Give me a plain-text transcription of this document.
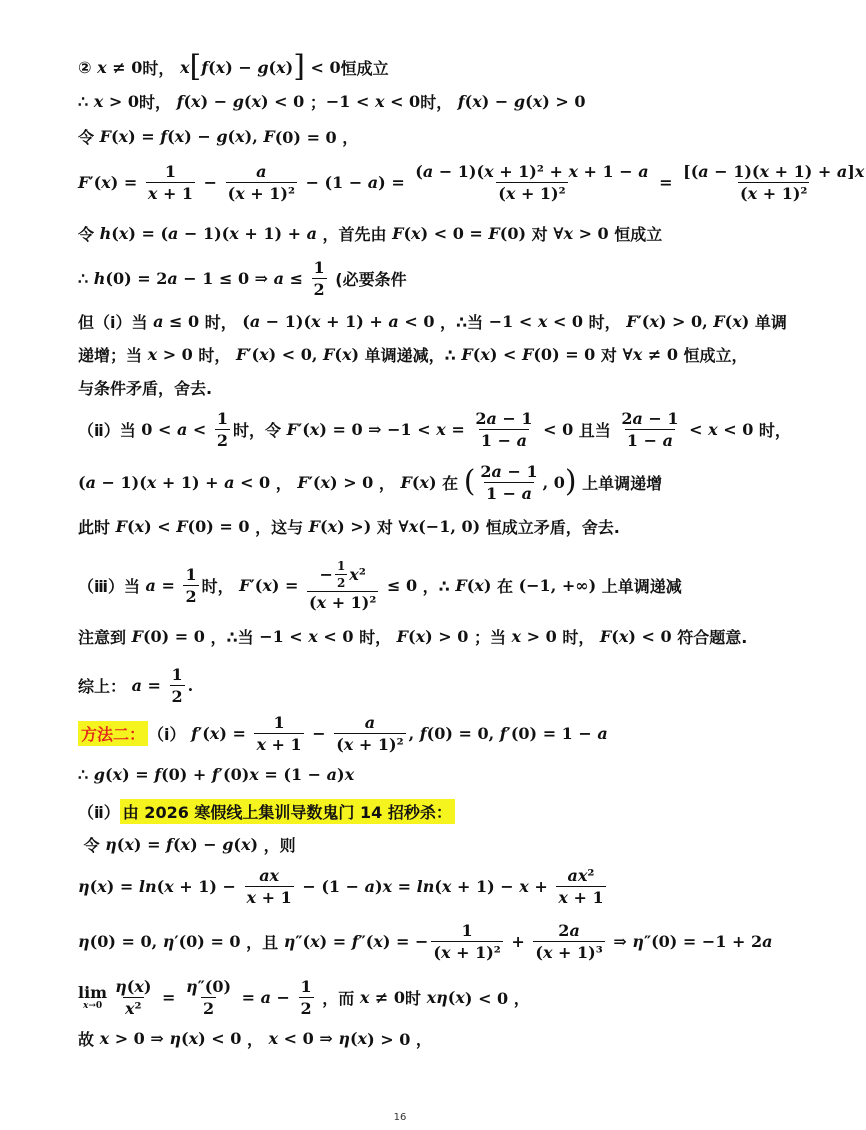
② x ≠ 0 时， x [ f ( x ) − g ( x ) ] < 0 恒成立
∴ x > 0 时， f ( x ) − g ( x ) < 0 ； −1 < x < 0 时， f ( x ) − g ( x ) > 0
令 F ( x ) = f ( x ) − g ( x ), F (0) = 0 ，
F ′( x ) = $\frac{1}{x + 1} - \frac{a}{\text{(x + 1)²}} - (1 - a$ ) = $\frac{\text{(a − 1)(x + 1)² + x + 1 − a}}{\text{(x + 1)²}} = \frac{[(a - 1)(x + 1) + a]x}{\text{(x + 1)²}}$
令 h ( x ) = ( a − 1)( x + 1) + a ，首先由 F ( x ) < 0 = F (0) 对 ∀ x > 0 恒成立
∴ h (0) = 2 a − 1 ≤ 0 ⇒ $a \le \frac{1}{2}$ (必要条件
但（ⅰ）当 a ≤ 0 时， ( a − 1)( x + 1) + a < 0 ，∴当 −1 < x < 0 时， F ′( x ) > 0, F ( x ) 单调
递增；当 x > 0 时， F ′( x ) < 0, F ( x ) 单调递减，∴ F ( x ) < F (0) = 0 对 ∀ x ≠ 0 恒成立，
与条件矛盾，舍去.
（ⅱ）当 0 < a <
1
2
时，令 F ′( x ) = 0 ⇒ $-1 < x = \frac{2a - 1}{1 - a} < 0$ 且当
2a − 1
1 − a
< x < 0 时，
( a − 1)( x + 1) + a < 0 ， F ′( x ) > 0 ， F ( x ) 在 ( 2a − 1
1 − a
, 0 ) 上单调递增
此时 F ( x ) < F (0) = 0 ，这与 F ( x ) >) 对 ∀ x (−1, 0) 恒成立矛盾，舍去.
（ⅲ）当 $a = \frac{1}{2}$ 时， F ′( x ) = − 1
2 x ²
(x + 1)² ≤ 0 ，∴ F ( x ) 在 (−1, +∞) 上单调递减
注意到 F (0) = 0 ，∴当 −1 < x < 0 时， F ( x ) > 0 ；当 x > 0 时， F ( x ) < 0 符合题意.
综上： $a = \frac{1}{2}$ .
方法二： （ⅰ） f ′( x ) = $\frac{1}{x + 1} - \frac{a}{\text{(x + 1)²}}$ , f (0) = 0, f ′(0) = 1 − a
∴ g ( x ) = f (0) + f ′(0) x = (1 − a ) x
（ⅱ） 由 2026 寒假线上集训导数鬼门 14 招秒杀：
令 η ( x ) = f ( x ) − g ( x ) ，则
η ( x ) = ln ( $x + 1) - \frac{ax}{x + 1} - (1 - a$ ) x = ln ( $x + 1) - x + \frac{\text{ax²}}{x + 1}$
η (0) = 0, η ′(0) = 0 ，且 η ″( x ) = f ″( x ) = − $\frac{1}{\text{(x + 1)²}} + \frac{2a}{\text{(x + 1)³}}$ ⇒ η ″(0) = −1 + 2 a
lim
$x\to 0 \frac{\eta(x)}{\text{x²}} = \frac{\eta''(0)}{2} = a - \frac{1}{2}$ ，而 x ≠ 0 时 xη ( x ) < 0 ，
故 x > 0 ⇒ η ( x ) < 0 ， x < 0 ⇒ η ( x ) > 0 ，
16
